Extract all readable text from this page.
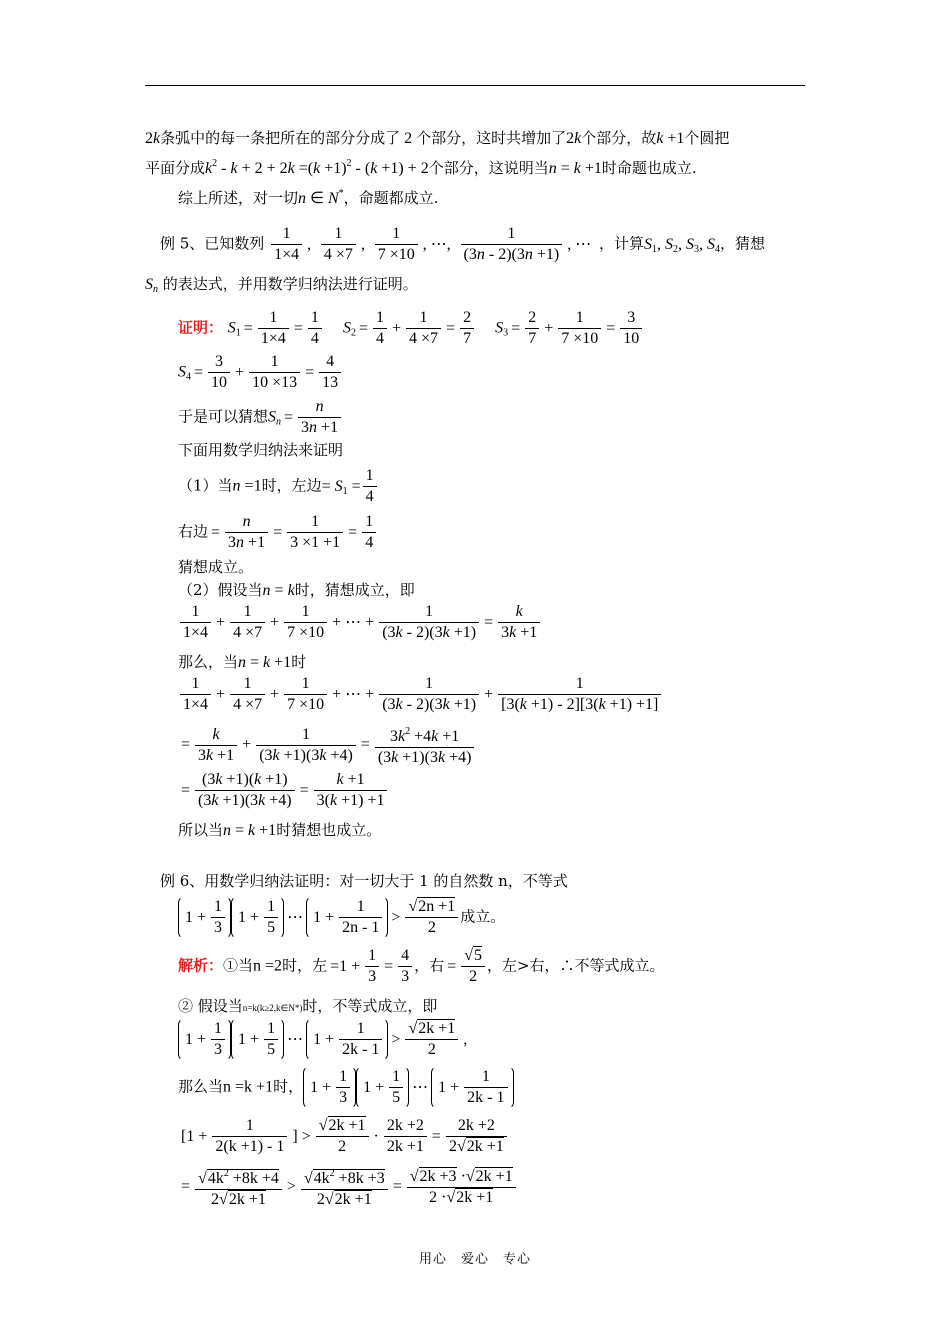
2k条弧中的每一条把所在的部分分成了 2 个部分，这时共增加了2k个部分，故k +1个圆把
平面分成$k^2 - k + 2 + 2k =(k +1)^2 - (k +1) + 2$个部分，这说明当n = k +1时命题也成立.
综上所述，对一切n ∈ N*，命题都成立.
例 5、已知数列 $\frac{1}{1\times 4}$ , $\frac{1}{4 \times 7}$ , $\frac{1}{7 \times 10}$ , ⋯, $\frac{1}{(3n - 2)(3n +1)}$ , ⋯ ，计算$S_1$, $S_2$, $S_3$, $S_4$，猜想
$S_n$ 的表达式，并用数学归纳法进行证明。
证明： $S_1 = \frac{1}{1\times 4} = \frac{1}{4} S_2 = \frac{1}{4} + \frac{1}{4 \times 7} = \frac{2}{7} S_3 = \frac{2}{7} + \frac{1}{7 \times 10} = \frac{3}{10}$
$S_4 = \frac{3}{10} + \frac{1}{10 \times 13} = \frac{4}{13}$
于是可以猜想$S_n = \frac{n}{3n +1}$
下面用数学归纳法来证明
（1）当n =1时，左边= $S_1 = \frac{1}{4}$
右边 = $\frac{n}{3n +1} = \frac{1}{3 \times 1 +1} = \frac{1}{4}$
猜想成立。
（2）假设当n = k时，猜想成立，即
$\frac{1}{1\times 4} + \frac{1}{4 \times 7} + \frac{1}{7 \times 10}$ + ⋯ + $\frac{1}{(3k - 2)(3k +1)} = \frac{k}{3k +1}$
那么，当n = k +1时
$\frac{1}{1\times 4} + \frac{1}{4 \times 7} + \frac{1}{7 \times 10}$ + ⋯ + $\frac{1}{(3k - 2)(3k +1)} + \frac{1}{[3(k +1) - 2][3(k +1) +1]}$
= $\frac{k}{3k +1} + \frac{1}{(3k +1)(3k +4)} = \frac{3k^2 +4k +1}{(3k +1)(3k +4)}$
= $\frac{(3k +1)(k +1)}{(3k +1)(3k +4)} = \frac{k +1}{3(k +1) +1}$
所以当n = k +1时猜想也成立。
例 6、用数学归纳法证明：对一切大于 1 的自然数 n，不等式
$1 + \frac{1}{3} 1 + \frac{1}{5}$ ⋯ $1 + \frac{1}{2n - 1} > \frac{√2n +1}{2}$ 成立。
解析：①当n =2时，左 $=1 + \frac{1}{3} = \frac{4}{3}$ ，右 = $\frac{√5}{2}$ ，左>右，∴不等式成立。
② 假设当n=k(k≥2,k∈N*)时，不等式成立，即
$1 + \frac{1}{3} 1 + \frac{1}{5}$ ⋯ $1 + \frac{1}{2k - 1} > \frac{√2k +1}{2}$ ,
那么当n =k +1时， $1 + \frac{1}{3} 1 + \frac{1}{5}$ ⋯ $1 + \frac{1}{2k - 1}$
[$1 + \frac{1}{2(k +1) - 1}$ ] > $\frac{√2k +1}{2} \cdot \frac{2k +2}{2k +1} = \frac{2k +2}{2√2k +1}$
= $\frac{√4k^2 +8k +4}{2√2k +1} > \frac{√4k^2 +8k +3}{2√2k +1} = \frac{√2k +3 \cdot√2k +1}{2 \cdot√2k +1}$
用心　爱心　专心
